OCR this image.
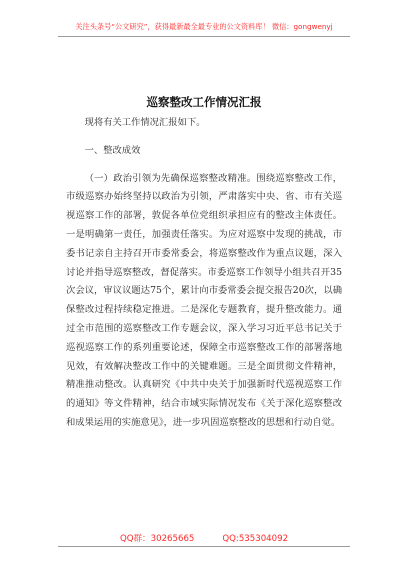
关注头条号“公文研究”，获得最新最全最专业的公文资料库！ 微信：gongwenyj
巡察整改工作情况汇报

现将有关工作情况汇报如下。

一、整改成效

（一）政治引领为先确保巡察整改精准。围绕巡察整改工作，市级巡察办始终坚持以政治为引领，严肃落实中央、省、市有关巡视巡察工作的部署，敦促各单位党组织承担应有的整改主体责任。一是明确第一责任，加强责任落实。为应对巡察中发现的挑战，市委书记亲自主持召开市委常委会，将巡察整改作为重点议题，深入讨论并指导巡察整改，督促落实。市委巡察工作领导小组共召开35次会议，审议议题达75个，累计向市委常委会提交报告20次，以确保整改过程持续稳定推进。二是深化专题教育，提升整改能力。通过全市范围的巡察整改工作专题会议，深入学习习近平总书记关于巡视巡察工作的系列重要论述，保障全市巡察整改工作的部署落地见效，有效解决整改工作中的关键难题。三是全面贯彻文件精神，精准推动整改。认真研究《中共中央关于加强新时代巡视巡察工作的通知》等文件精神，结合市域实际情况发布《关于深化巡察整改和成果运用的实施意见》，进一步巩固巡察整改的思想和行动自觉。

QQ群：30265665	QQ:535304092
